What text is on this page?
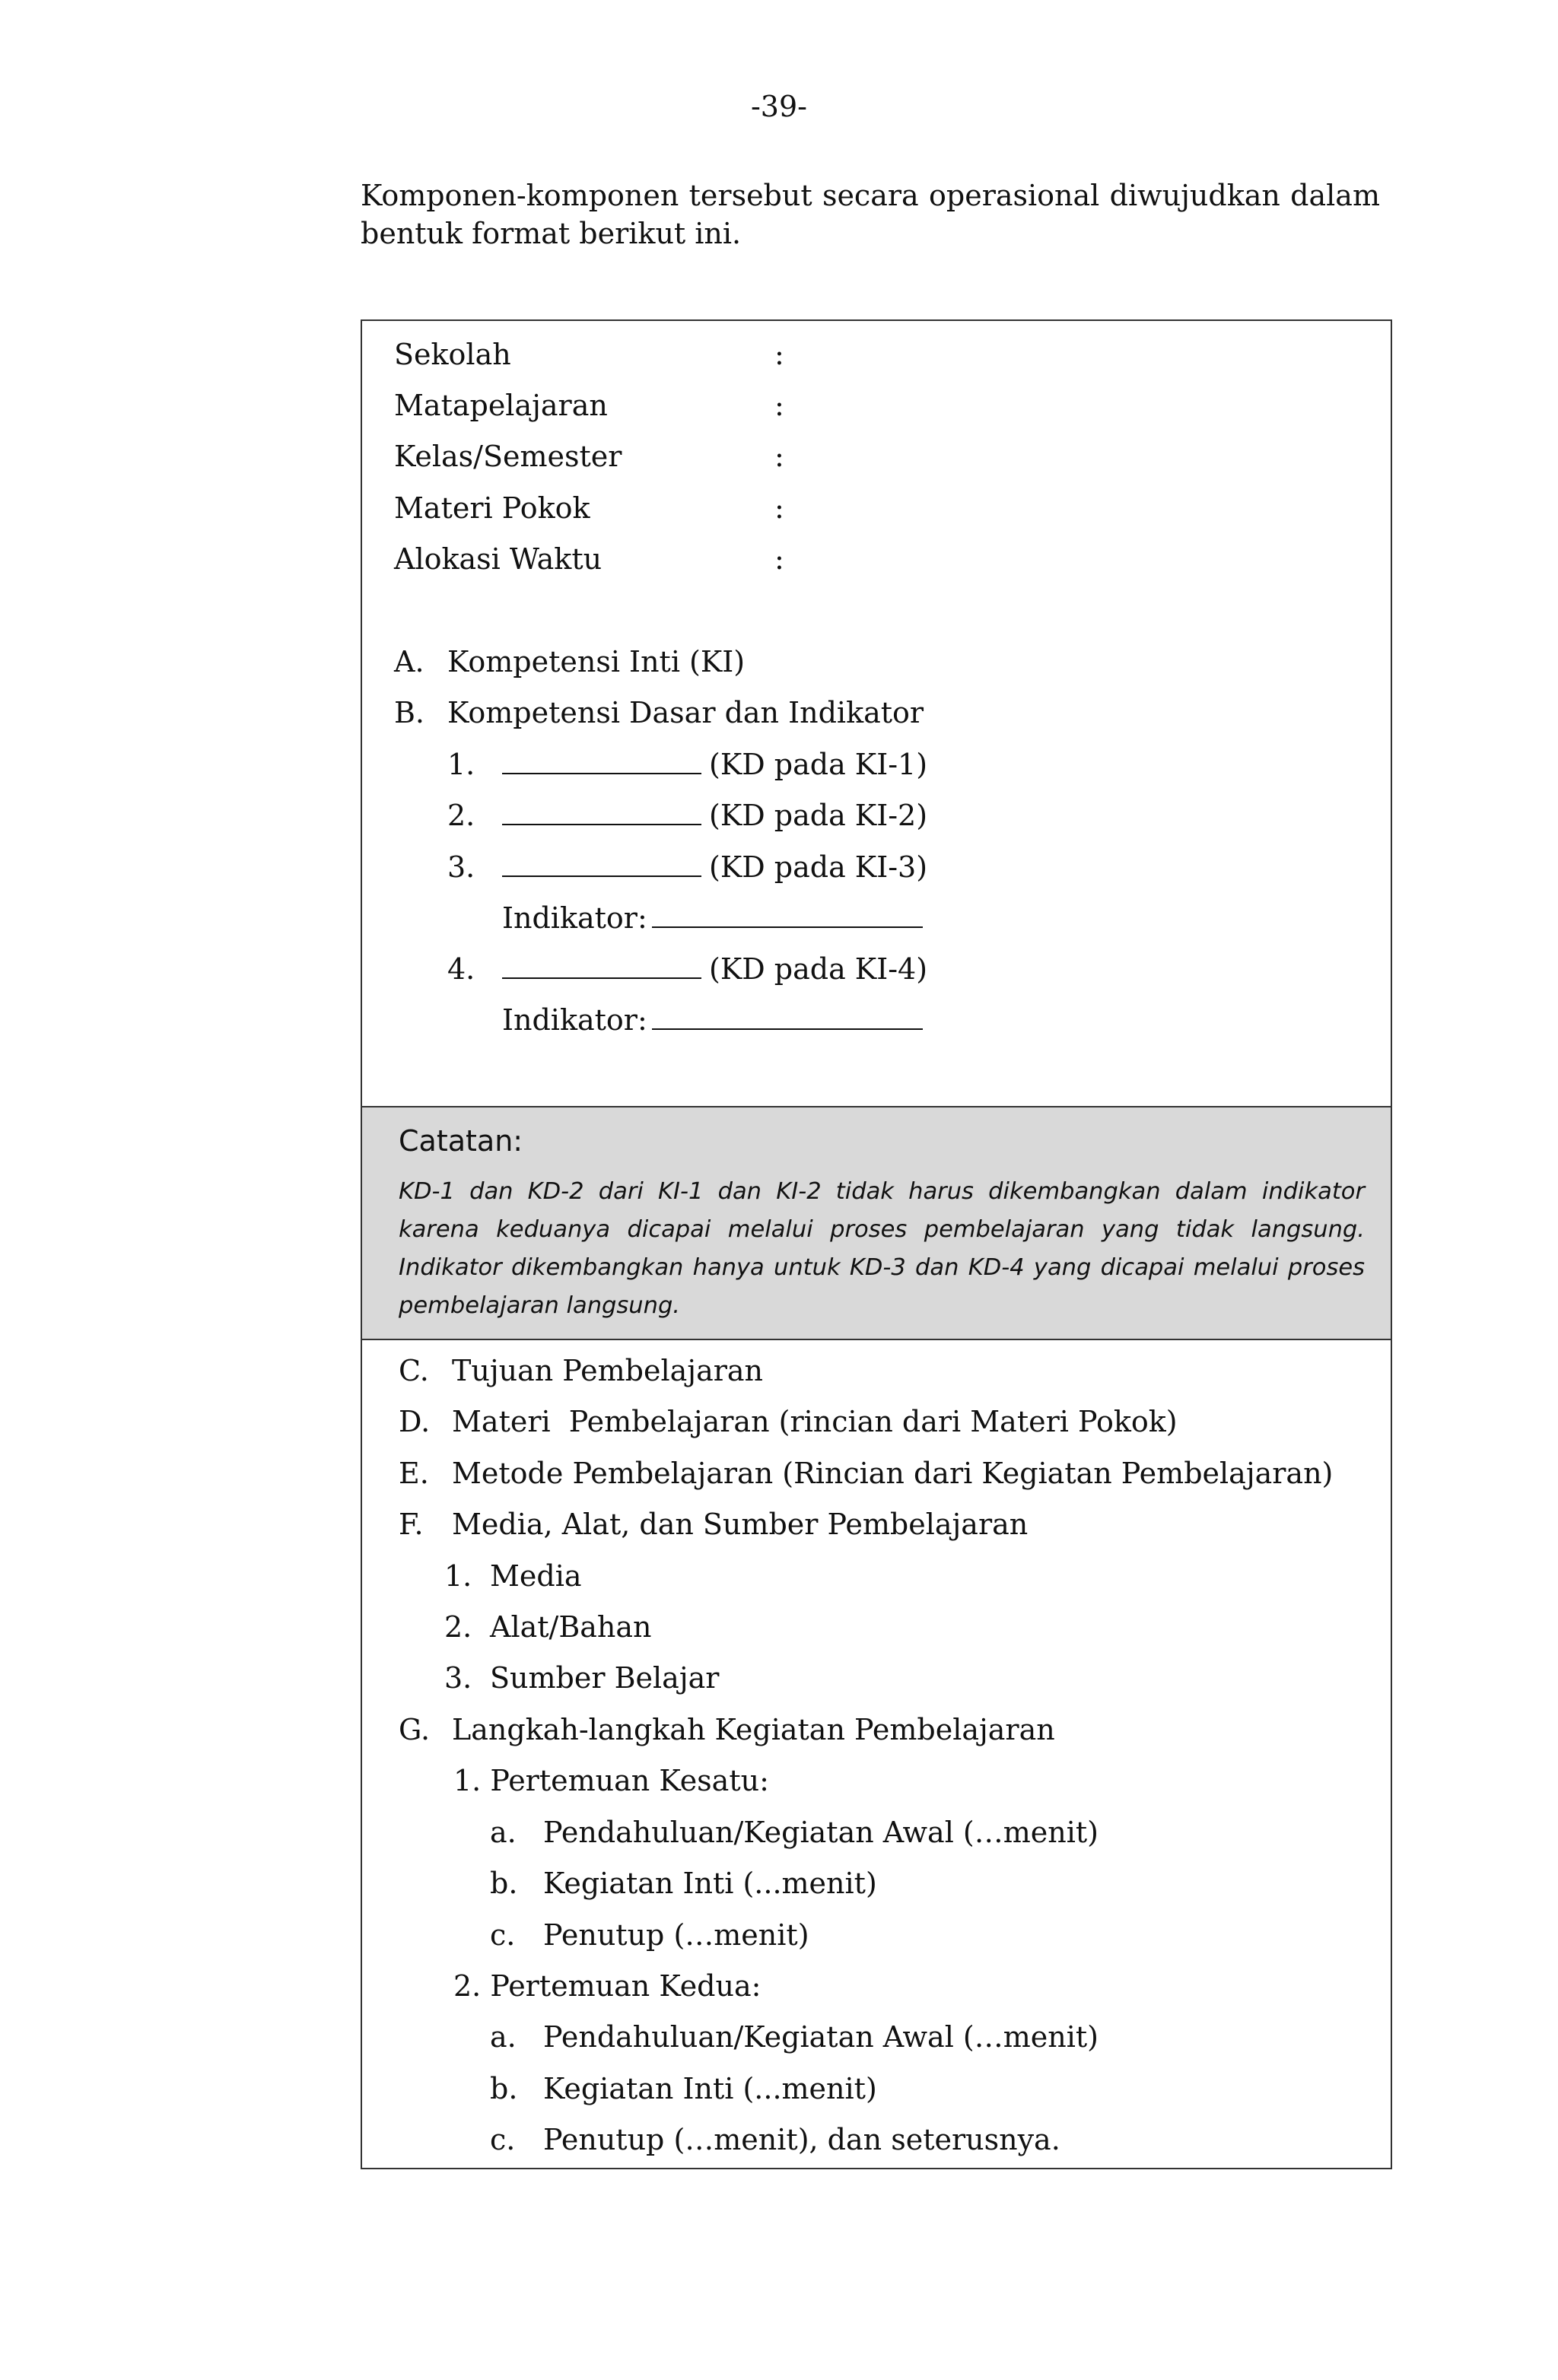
-39-
Komponen-komponen tersebut secara operasional diwujudkan dalam bentuk format berikut ini.
Sekolah	:
Matapelajaran	:
Kelas/Semester	:
Materi Pokok	:
Alokasi Waktu	:
A. Kompetensi Inti (KI)
B. Kompetensi Dasar dan Indikator
1.	(KD pada KI-1)
2.	(KD pada KI-2)
3.	(KD pada KI-3)
Indikator:
4.	(KD pada KI-4)
Indikator:
Catatan:
KD-1 dan KD-2 dari KI-1 dan KI-2 tidak harus dikembangkan dalam indikator karena keduanya dicapai melalui proses pembelajaran yang tidak langsung. Indikator dikembangkan hanya untuk KD-3 dan KD-4 yang dicapai melalui proses pembelajaran langsung.
C. Tujuan Pembelajaran
D. Materi  Pembelajaran (rincian dari Materi Pokok)
E. Metode Pembelajaran (Rincian dari Kegiatan Pembelajaran)
F. Media, Alat, dan Sumber Pembelajaran
1. Media
2. Alat/Bahan
3. Sumber Belajar
G. Langkah-langkah Kegiatan Pembelajaran
1. Pertemuan Kesatu:
a. Pendahuluan/Kegiatan Awal (…menit)
b. Kegiatan Inti (...menit)
c. Penutup (…menit)
2. Pertemuan Kedua:
a. Pendahuluan/Kegiatan Awal (…menit)
b. Kegiatan Inti (...menit)
c. Penutup (…menit), dan seterusnya.
